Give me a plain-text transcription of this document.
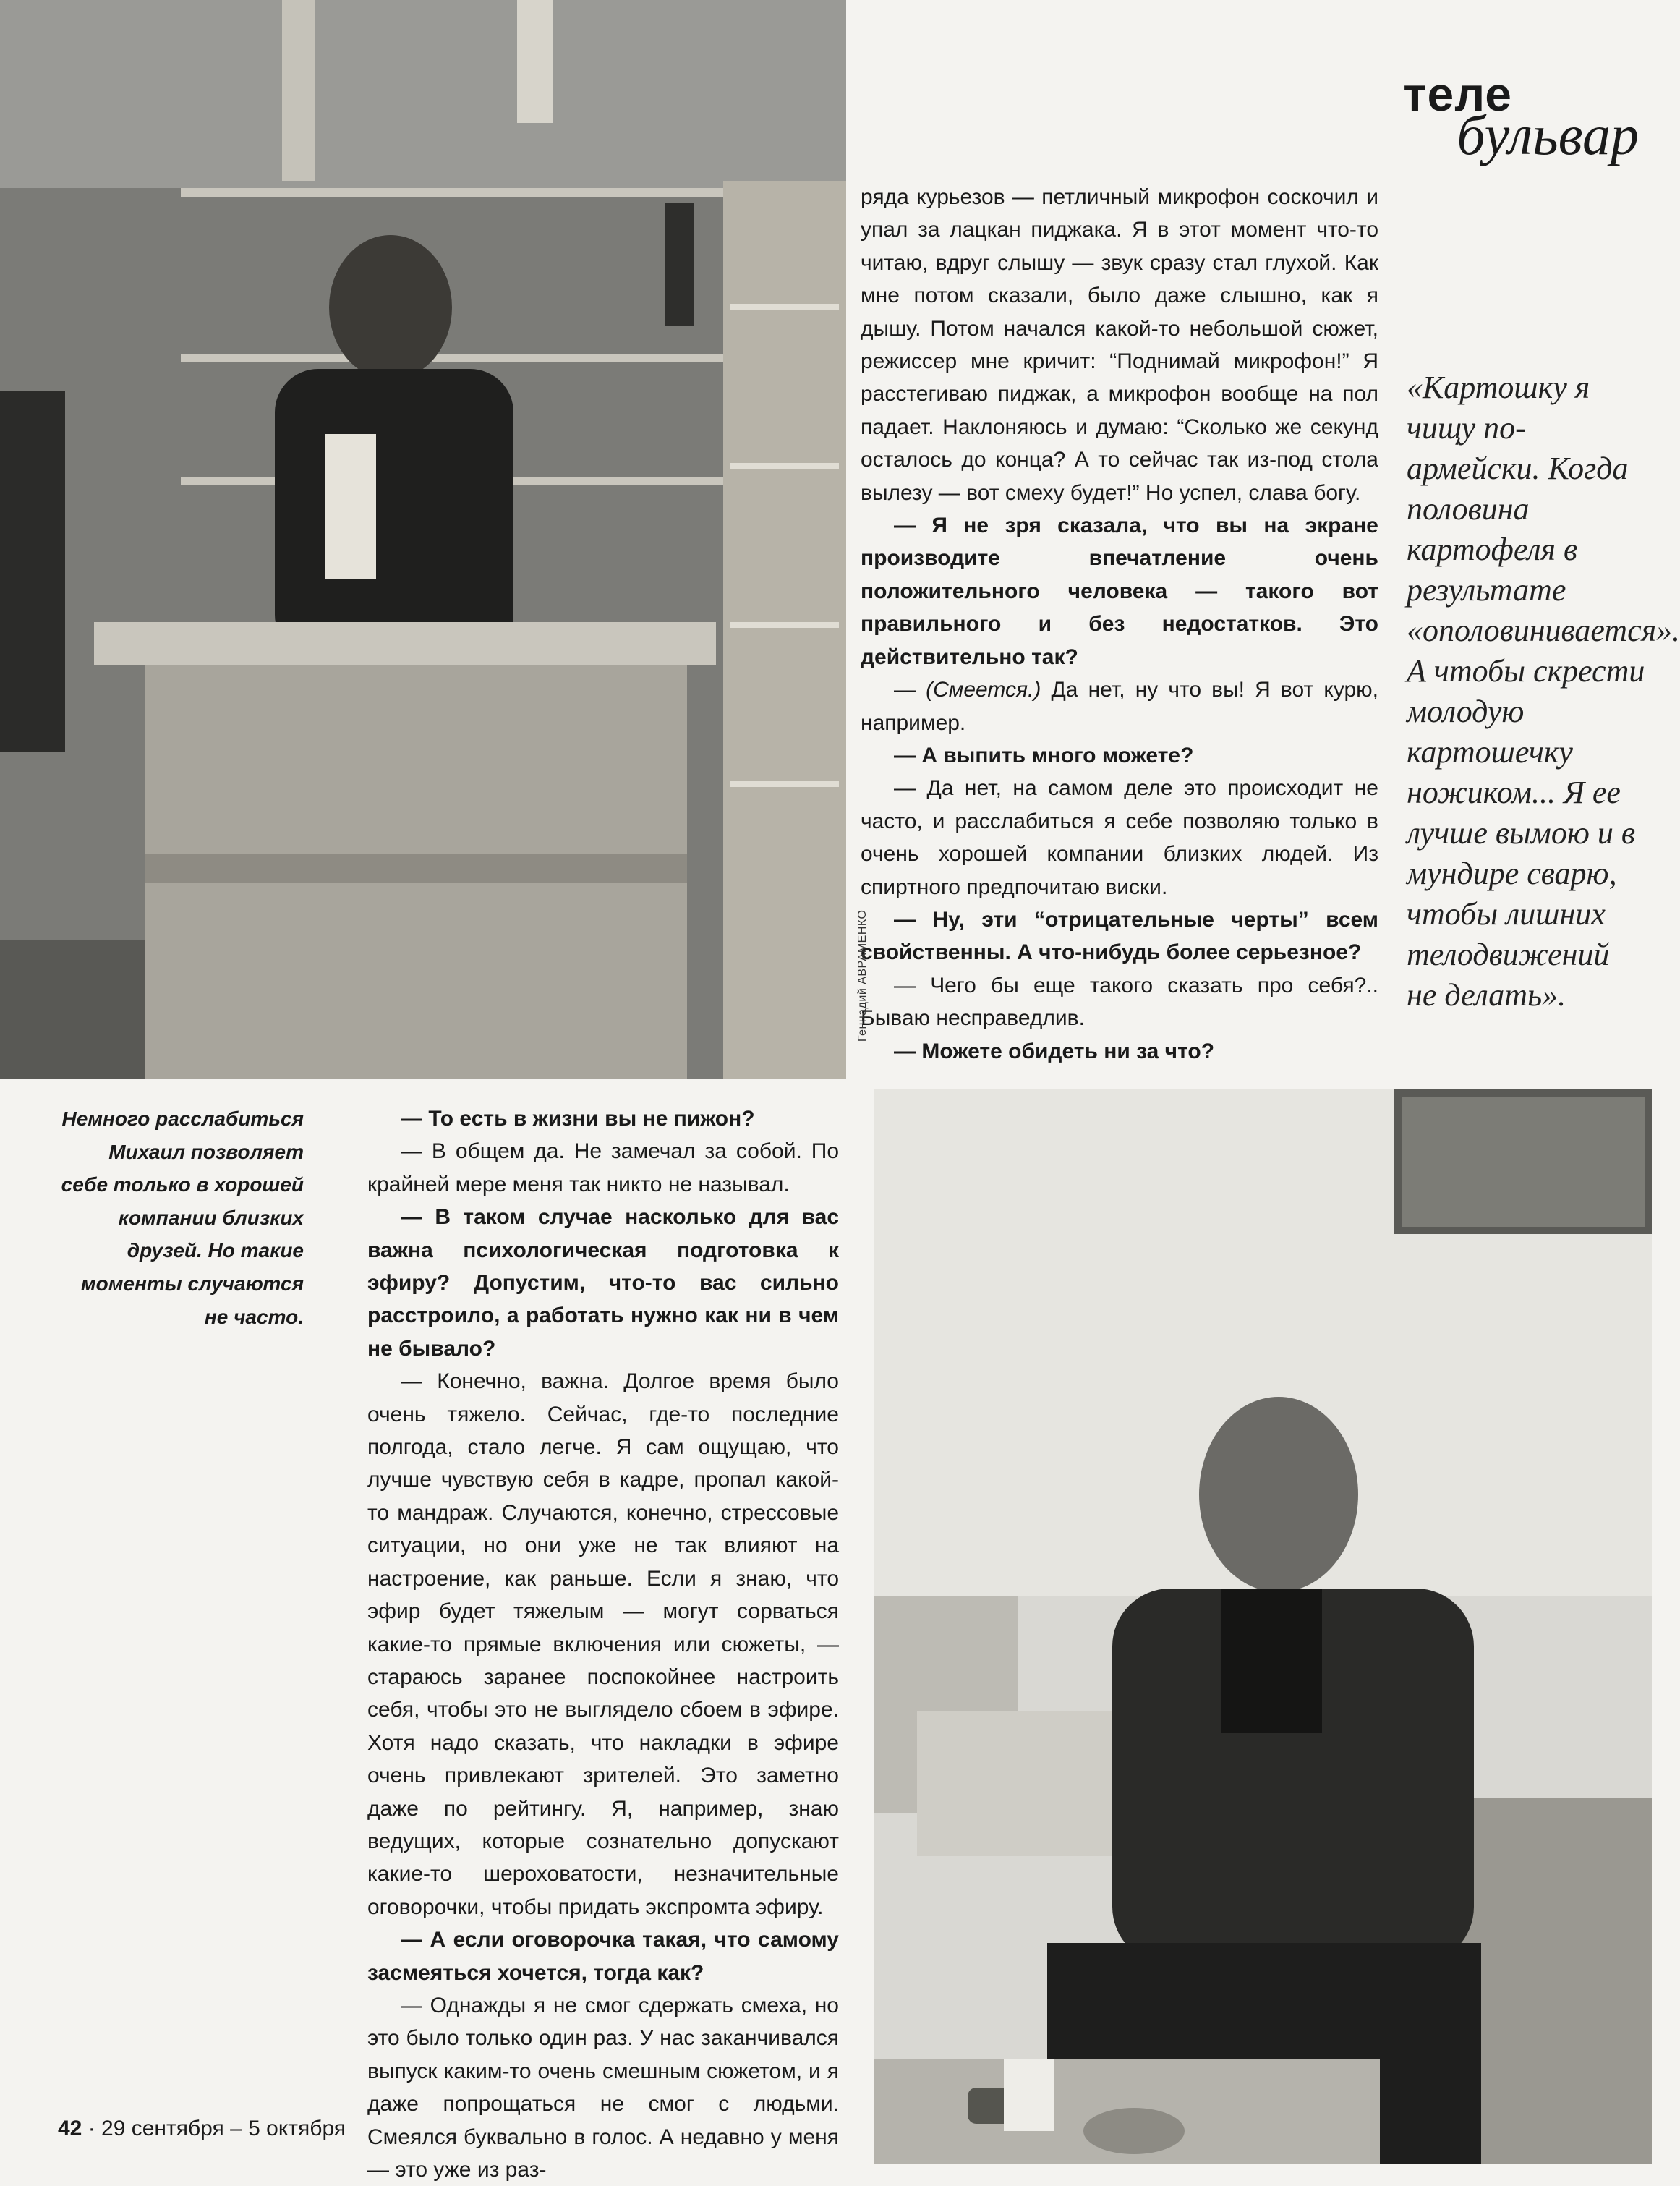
теле
бульвар

ряда курьезов — петличный микрофон соскочил и упал за лацкан пиджака. Я в этот момент что-то читаю, вдруг слышу — звук сразу стал глухой. Как мне потом сказали, было даже слышно, как я дышу. Потом начался какой-то небольшой сюжет, режиссер мне кричит: “Поднимай микрофон!” Я расстегиваю пиджак, а микрофон вообще на пол падает. Наклоняюсь и думаю: “Сколько же секунд осталось до конца? А то сейчас так из-под стола вылезу — вот смеху будет!” Но успел, слава богу.

— Я не зря сказала, что вы на экране производите впечатление очень положительного человека — такого вот правильного и без недостатков. Это действительно так?

— (Смеется.) Да нет, ну что вы! Я вот курю, например.

— А выпить много можете?

— Да нет, на самом деле это происходит не часто, и расслабиться я себе позволяю только в очень хорошей компании близких людей. Из спиртного предпочитаю виски.

— Ну, эти “отрицательные черты” всем свойственны. А что-нибудь более серьезное?

— Чего бы еще такого сказать про себя?.. Бываю несправедлив.

— Можете обидеть ни за что?

«Картошку я чищу по-армейски. Когда половина картофеля в результате «ополовинивается». А чтобы скрести молодую картошечку ножиком... Я ее лучше вымою и в мундире сварю, чтобы лишних телодвижений не делать».
Геннадий АВРАМЕНКО
Немного расслабиться Михаил позволяет себе только в хорошей компании близких друзей. Но такие моменты случаются не часто.

— То есть в жизни вы не пижон?

— В общем да. Не замечал за собой. По крайней мере меня так никто не называл.

— В таком случае насколько для вас важна психологическая подготовка к эфиру? Допустим, что-то вас сильно расстроило, а работать нужно как ни в чем не бывало?

— Конечно, важна. Долгое время было очень тяжело. Сейчас, где-то последние полгода, стало легче. Я сам ощущаю, что лучше чувствую себя в кадре, пропал какой-то мандраж. Случаются, конечно, стрессовые ситуации, но они уже не так влияют на настроение, как раньше. Если я знаю, что эфир будет тяжелым — могут сорваться какие-то прямые включения или сюжеты, — стараюсь заранее поспокойнее настроить себя, чтобы это не выглядело сбоем в эфире. Хотя надо сказать, что накладки в эфире очень привлекают зрителей. Это заметно даже по рейтингу. Я, например, знаю ведущих, которые сознательно допускают какие-то шероховатости, незначительные оговорочки, чтобы придать экспромта эфиру.

— А если оговорочка такая, что самому засмеяться хочется, тогда как?

— Однажды я не смог сдержать смеха, но это было только один раз. У нас заканчивался выпуск каким-то очень смешным сюжетом, и я даже попрощаться не смог с людьми. Смеялся буквально в голос. А недавно у меня — это уже из раз-

42 · 29 сентября – 5 октября
